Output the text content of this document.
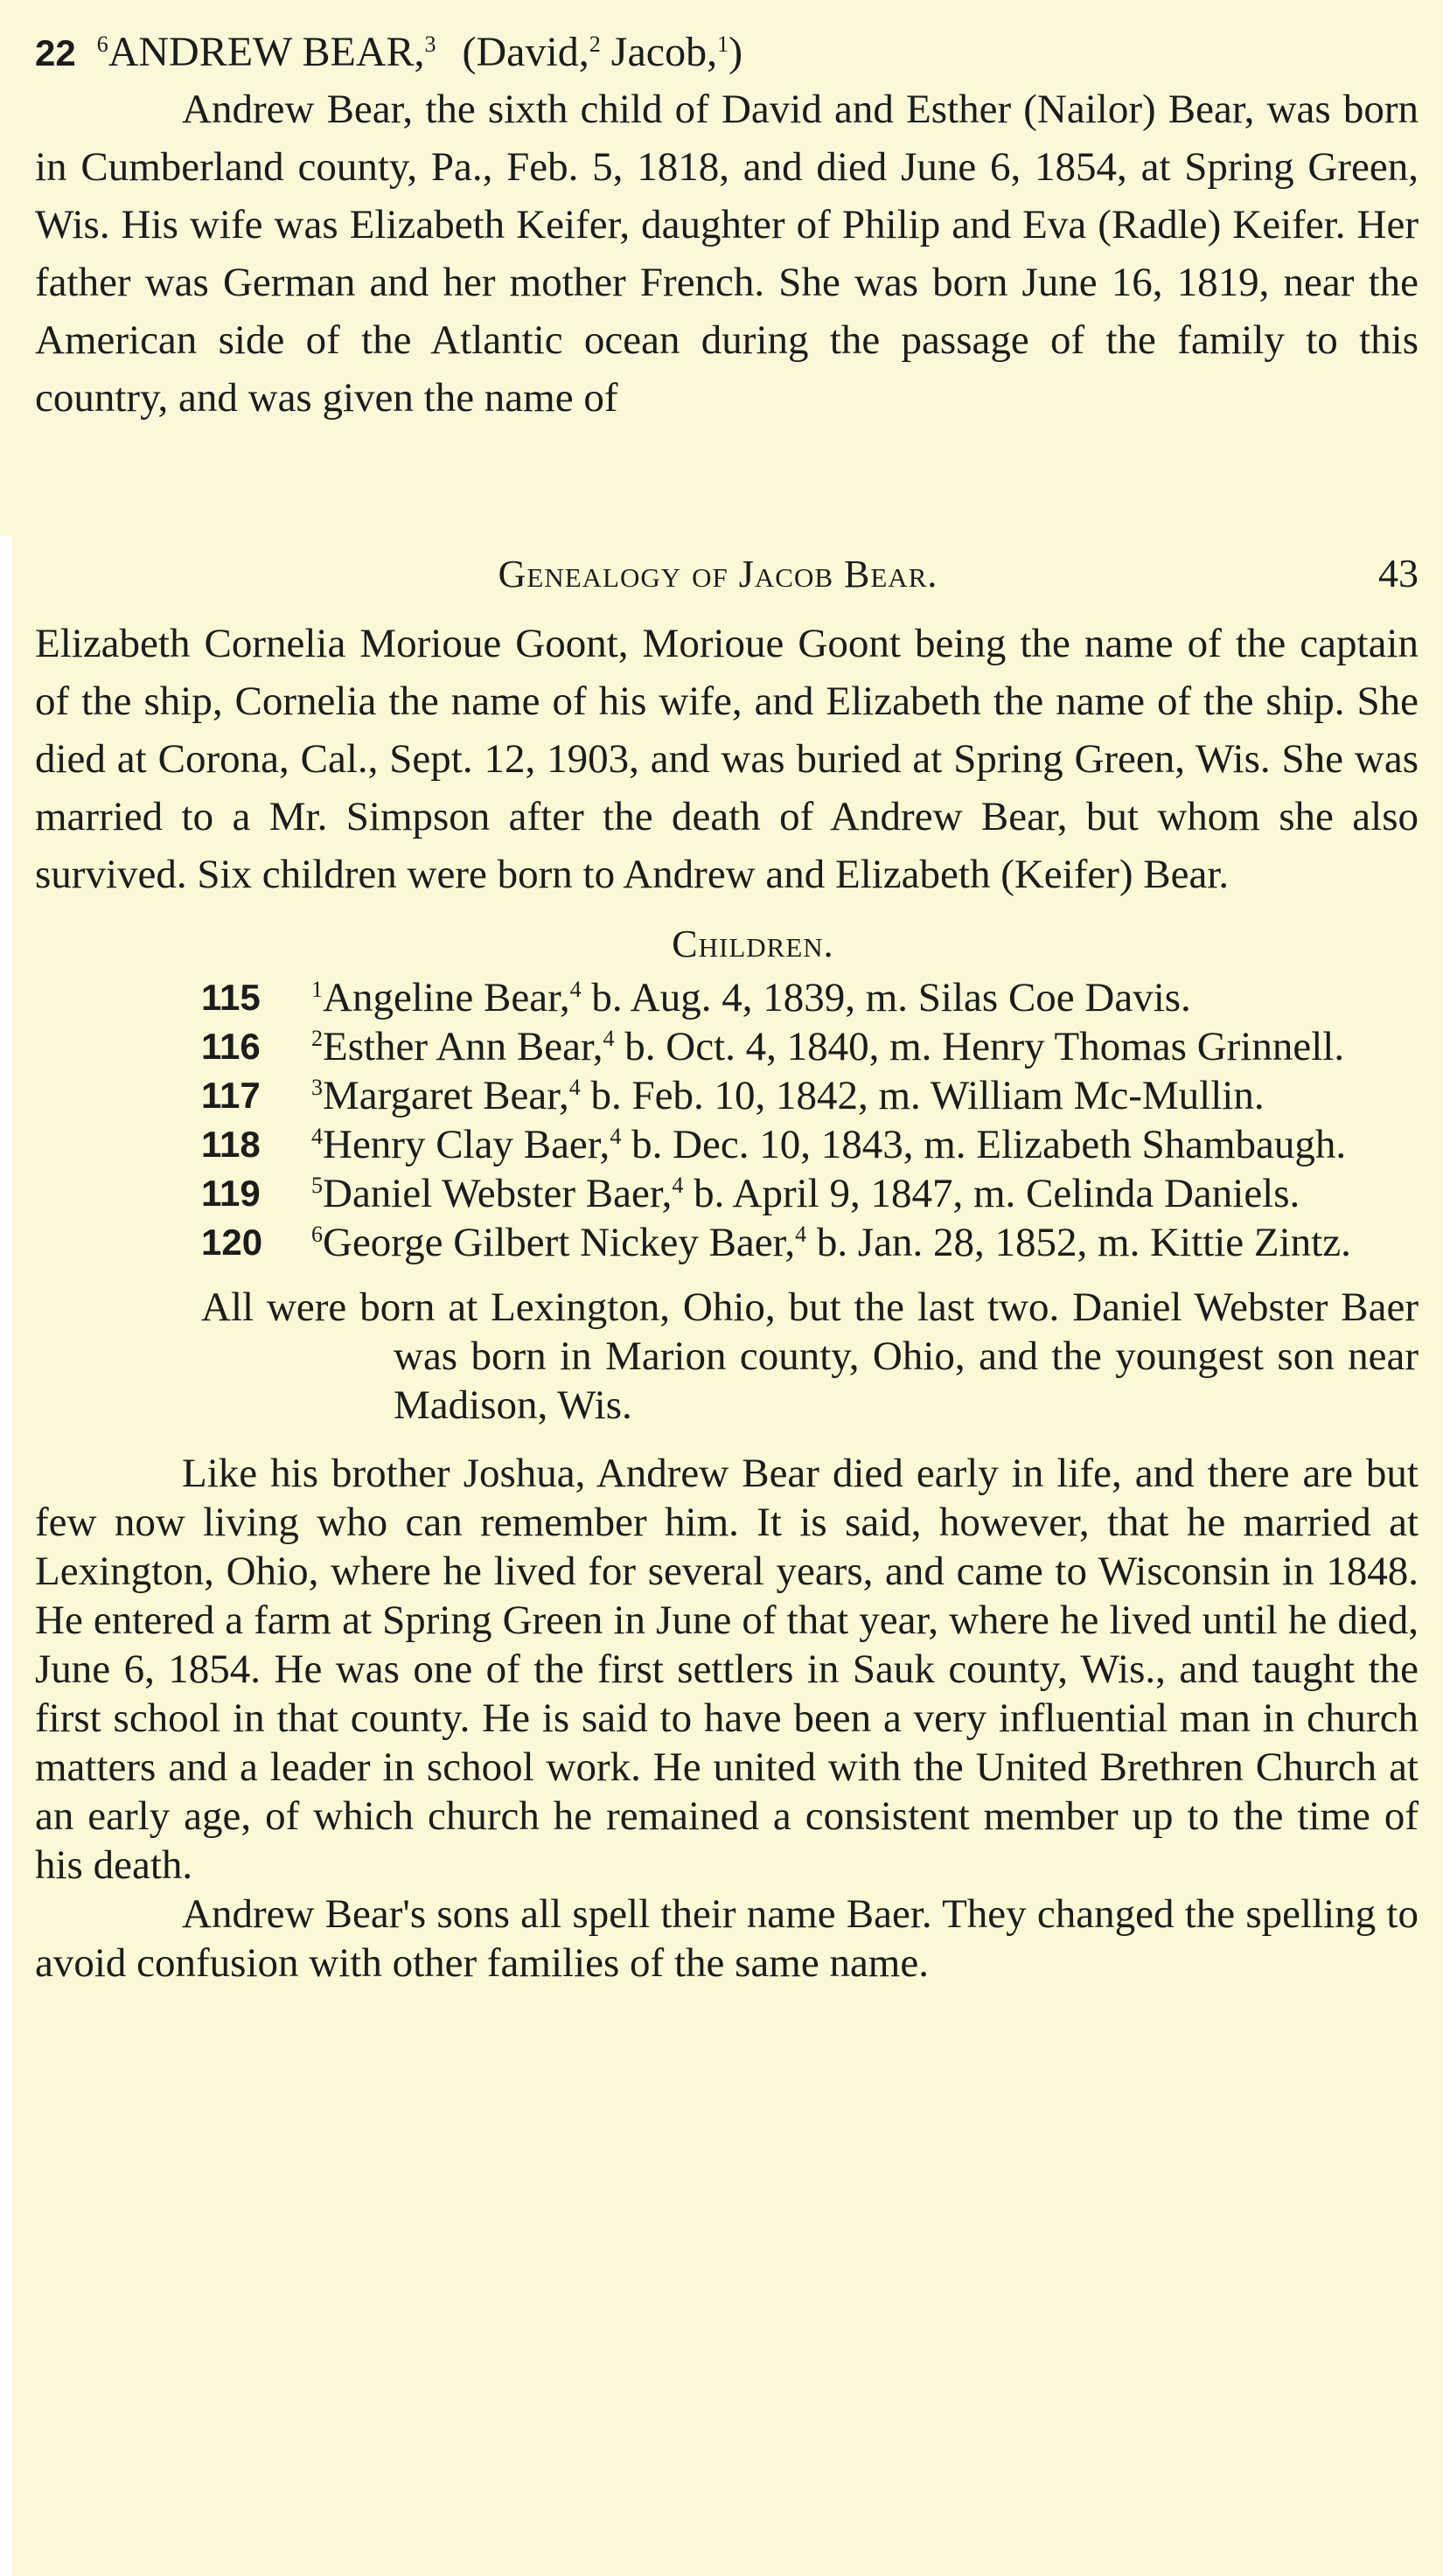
22 $^6$ANDREW BEAR,$^3$ (David,$^2$ Jacob,$^1$)

Andrew Bear, the sixth child of David and Esther (Nailor) Bear, was born in Cumberland county, Pa., Feb. 5, 1818, and died June 6, 1854, at Spring Green, Wis. His wife was Elizabeth Keifer, daughter of Philip and Eva (Radle) Keifer. Her father was German and her mother French. She was born June 16, 1819, near the American side of the Atlantic ocean during the passage of the family to this country, and was given the name of

Genealogy of Jacob Bear.	43

Elizabeth Cornelia Morioue Goont, Morioue Goont being the name of the captain of the ship, Cornelia the name of his wife, and Elizabeth the name of the ship. She died at Corona, Cal., Sept. 12, 1903, and was buried at Spring Green, Wis. She was married to a Mr. Simpson after the death of Andrew Bear, but whom she also survived. Six children were born to Andrew and Elizabeth (Keifer) Bear.

Children.
115	$^1$Angeline Bear,$^4$ b. Aug. 4, 1839, m. Silas Coe Davis.
116	$^2$Esther Ann Bear,$^4$ b. Oct. 4, 1840, m. Henry Thomas Grinnell.
117	$^3$Margaret Bear,$^4$ b. Feb. 10, 1842, m. William Mc-Mullin.
118	$^4$Henry Clay Baer,$^4$ b. Dec. 10, 1843, m. Elizabeth Shambaugh.
119	$^5$Daniel Webster Baer,$^4$ b. April 9, 1847, m. Celinda Daniels.
120	$^6$George Gilbert Nickey Baer,$^4$ b. Jan. 28, 1852, m. Kittie Zintz.

All were born at Lexington, Ohio, but the last two. Daniel Webster Baer was born in Marion county, Ohio, and the youngest son near Madison, Wis.

Like his brother Joshua, Andrew Bear died early in life, and there are but few now living who can remember him. It is said, however, that he married at Lexington, Ohio, where he lived for several years, and came to Wisconsin in 1848. He entered a farm at Spring Green in June of that year, where he lived until he died, June 6, 1854. He was one of the first settlers in Sauk county, Wis., and taught the first school in that county. He is said to have been a very influential man in church matters and a leader in school work. He united with the United Brethren Church at an early age, of which church he remained a consistent member up to the time of his death.

Andrew Bear's sons all spell their name Baer. They changed the spelling to avoid confusion with other families of the same name.
